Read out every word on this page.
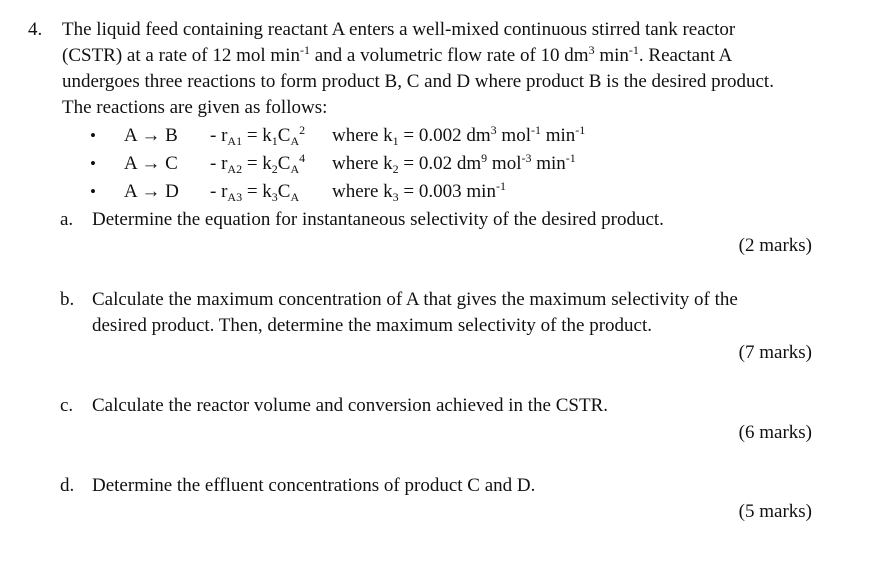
4. The liquid feed containing reactant A enters a well-mixed continuous stirred tank reactor
(CSTR) at a rate of 12 mol $\min^{-1}$ and a volumetric flow rate of 10 $dm^3$ $\min^{-1}$. Reactant A
undergoes three reactions to form product B, C and D where product B is the desired product.
The reactions are given as follows:
• $A \to B - r_{A1} = k_1C_A^2$ where $k_1 = 0.002$ $dm^3$ mol$^{-1}$ $\min^{-1}$
• $A \to C - r_{A2} = k_2C_A^4$ where $k_2 = 0.02$ $dm^9$ mol$^{-3}$ $\min^{-1}$
• $A \to D - r_{A3} = k_3C_A$ where $k_3 = 0.003$ $\min^{-1}$
a. Determine the equation for instantaneous selectivity of the desired product.
(2 marks)
b. Calculate the maximum concentration of A that gives the maximum selectivity of the
desired product. Then, determine the maximum selectivity of the product.
(7 marks)
c. Calculate the reactor volume and conversion achieved in the CSTR.
(6 marks)
d. Determine the effluent concentrations of product C and D.
(5 marks)
